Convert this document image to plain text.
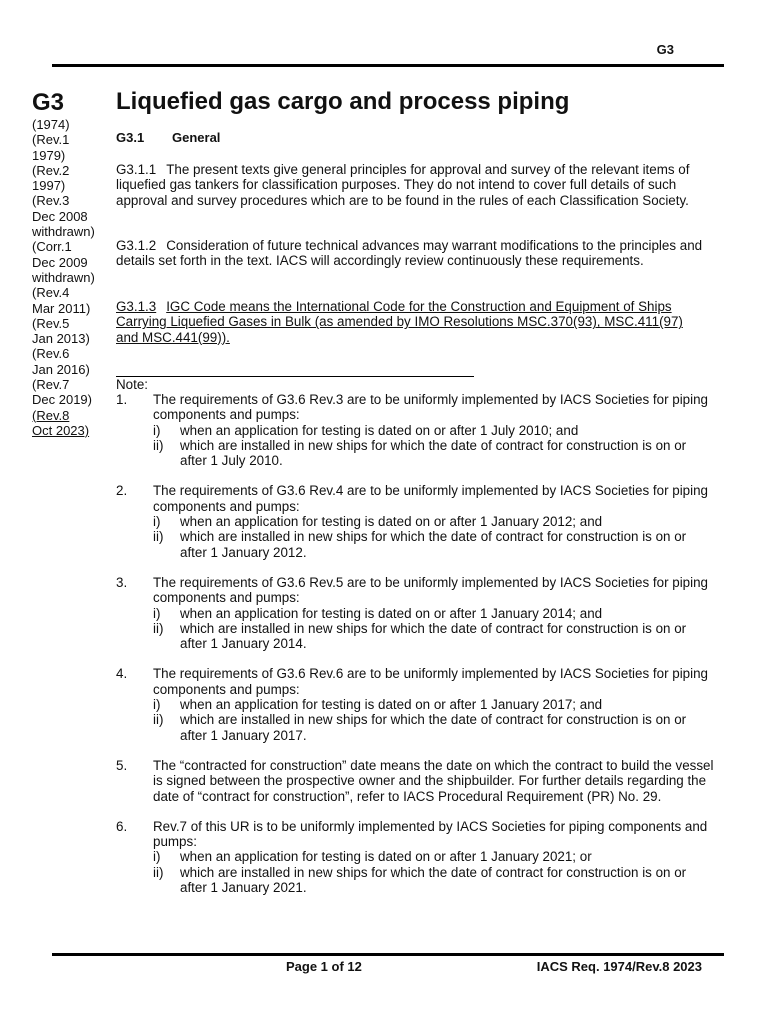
G3
G3
(1974)
(Rev.1
1979)
(Rev.2
1997)
(Rev.3
Dec 2008
withdrawn)
(Corr.1
Dec 2009
withdrawn)
(Rev.4
Mar 2011)
(Rev.5
Jan 2013)
(Rev.6
Jan 2016)
(Rev.7
Dec 2019)
(Rev.8
Oct 2023)
Liquefied gas cargo and process piping
G3.1 General
G3.1.1 The present texts give general principles for approval and survey of the relevant items of liquefied gas tankers for classification purposes. They do not intend to cover full details of such approval and survey procedures which are to be found in the rules of each Classification Society.
G3.1.2 Consideration of future technical advances may warrant modifications to the principles and details set forth in the text. IACS will accordingly review continuously these requirements.
G3.1.3 IGC Code means the International Code for the Construction and Equipment of Ships Carrying Liquefied Gases in Bulk (as amended by IMO Resolutions MSC.370(93), MSC.411(97) and MSC.441(99)).
Note:
1. The requirements of G3.6 Rev.3 are to be uniformly implemented by IACS Societies for piping components and pumps:
i) when an application for testing is dated on or after 1 July 2010; and
ii) which are installed in new ships for which the date of contract for construction is on or after 1 July 2010.
2. The requirements of G3.6 Rev.4 are to be uniformly implemented by IACS Societies for piping components and pumps:
i) when an application for testing is dated on or after 1 January 2012; and
ii) which are installed in new ships for which the date of contract for construction is on or after 1 January 2012.
3. The requirements of G3.6 Rev.5 are to be uniformly implemented by IACS Societies for piping components and pumps:
i) when an application for testing is dated on or after 1 January 2014; and
ii) which are installed in new ships for which the date of contract for construction is on or after 1 January 2014.
4. The requirements of G3.6 Rev.6 are to be uniformly implemented by IACS Societies for piping components and pumps:
i) when an application for testing is dated on or after 1 January 2017; and
ii) which are installed in new ships for which the date of contract for construction is on or after 1 January 2017.
5. The “contracted for construction” date means the date on which the contract to build the vessel is signed between the prospective owner and the shipbuilder. For further details regarding the date of “contract for construction”, refer to IACS Procedural Requirement (PR) No. 29.
6. Rev.7 of this UR is to be uniformly implemented by IACS Societies for piping components and pumps:
i) when an application for testing is dated on or after 1 January 2021; or
ii) which are installed in new ships for which the date of contract for construction is on or after 1 January 2021.
Page 1 of 12	IACS Req. 1974/Rev.8 2023
